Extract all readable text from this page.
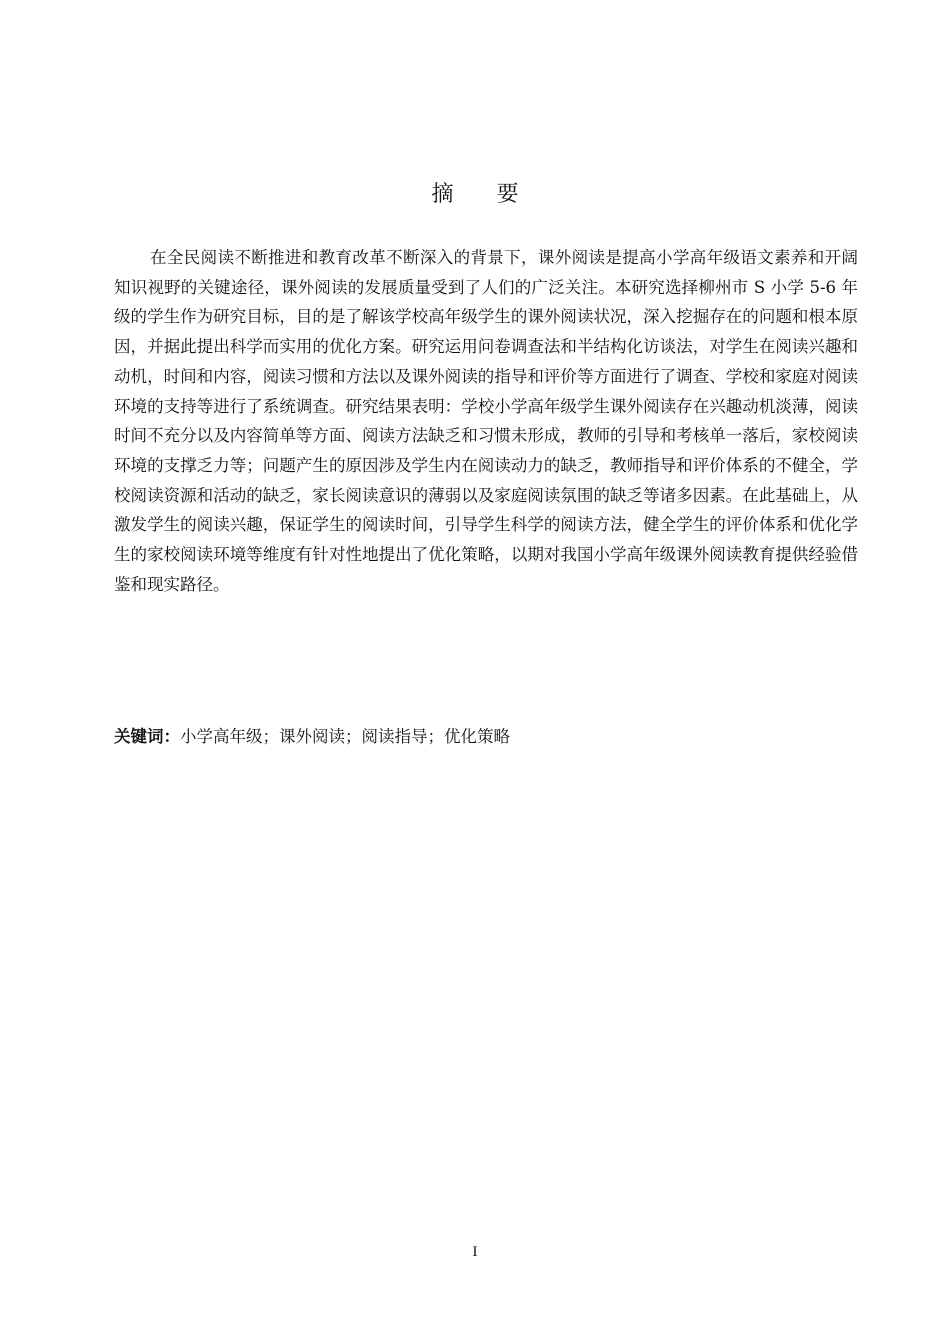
摘 要

在全民阅读不断推进和教育改革不断深入的背景下，课外阅读是提高小学高年级语文素养和开阔知识视野的关键途径，课外阅读的发展质量受到了人们的广泛关注。本研究选择柳州市 S 小学 5-6 年级的学生作为研究目标，目的是了解该学校高年级学生的课外阅读状况，深入挖掘存在的问题和根本原因，并据此提出科学而实用的优化方案。研究运用问卷调查法和半结构化访谈法，对学生在阅读兴趣和动机，时间和内容，阅读习惯和方法以及课外阅读的指导和评价等方面进行了调查、学校和家庭对阅读环境的支持等进行了系统调查。研究结果表明：学校小学高年级学生课外阅读存在兴趣动机淡薄，阅读时间不充分以及内容简单等方面、阅读方法缺乏和习惯未形成，教师的引导和考核单一落后，家校阅读环境的支撑乏力等；问题产生的原因涉及学生内在阅读动力的缺乏，教师指导和评价体系的不健全，学校阅读资源和活动的缺乏，家长阅读意识的薄弱以及家庭阅读氛围的缺乏等诸多因素。在此基础上，从激发学生的阅读兴趣，保证学生的阅读时间，引导学生科学的阅读方法，健全学生的评价体系和优化学生的家校阅读环境等维度有针对性地提出了优化策略，以期对我国小学高年级课外阅读教育提供经验借鉴和现实路径。

关键词：小学高年级；课外阅读；阅读指导；优化策略

I
